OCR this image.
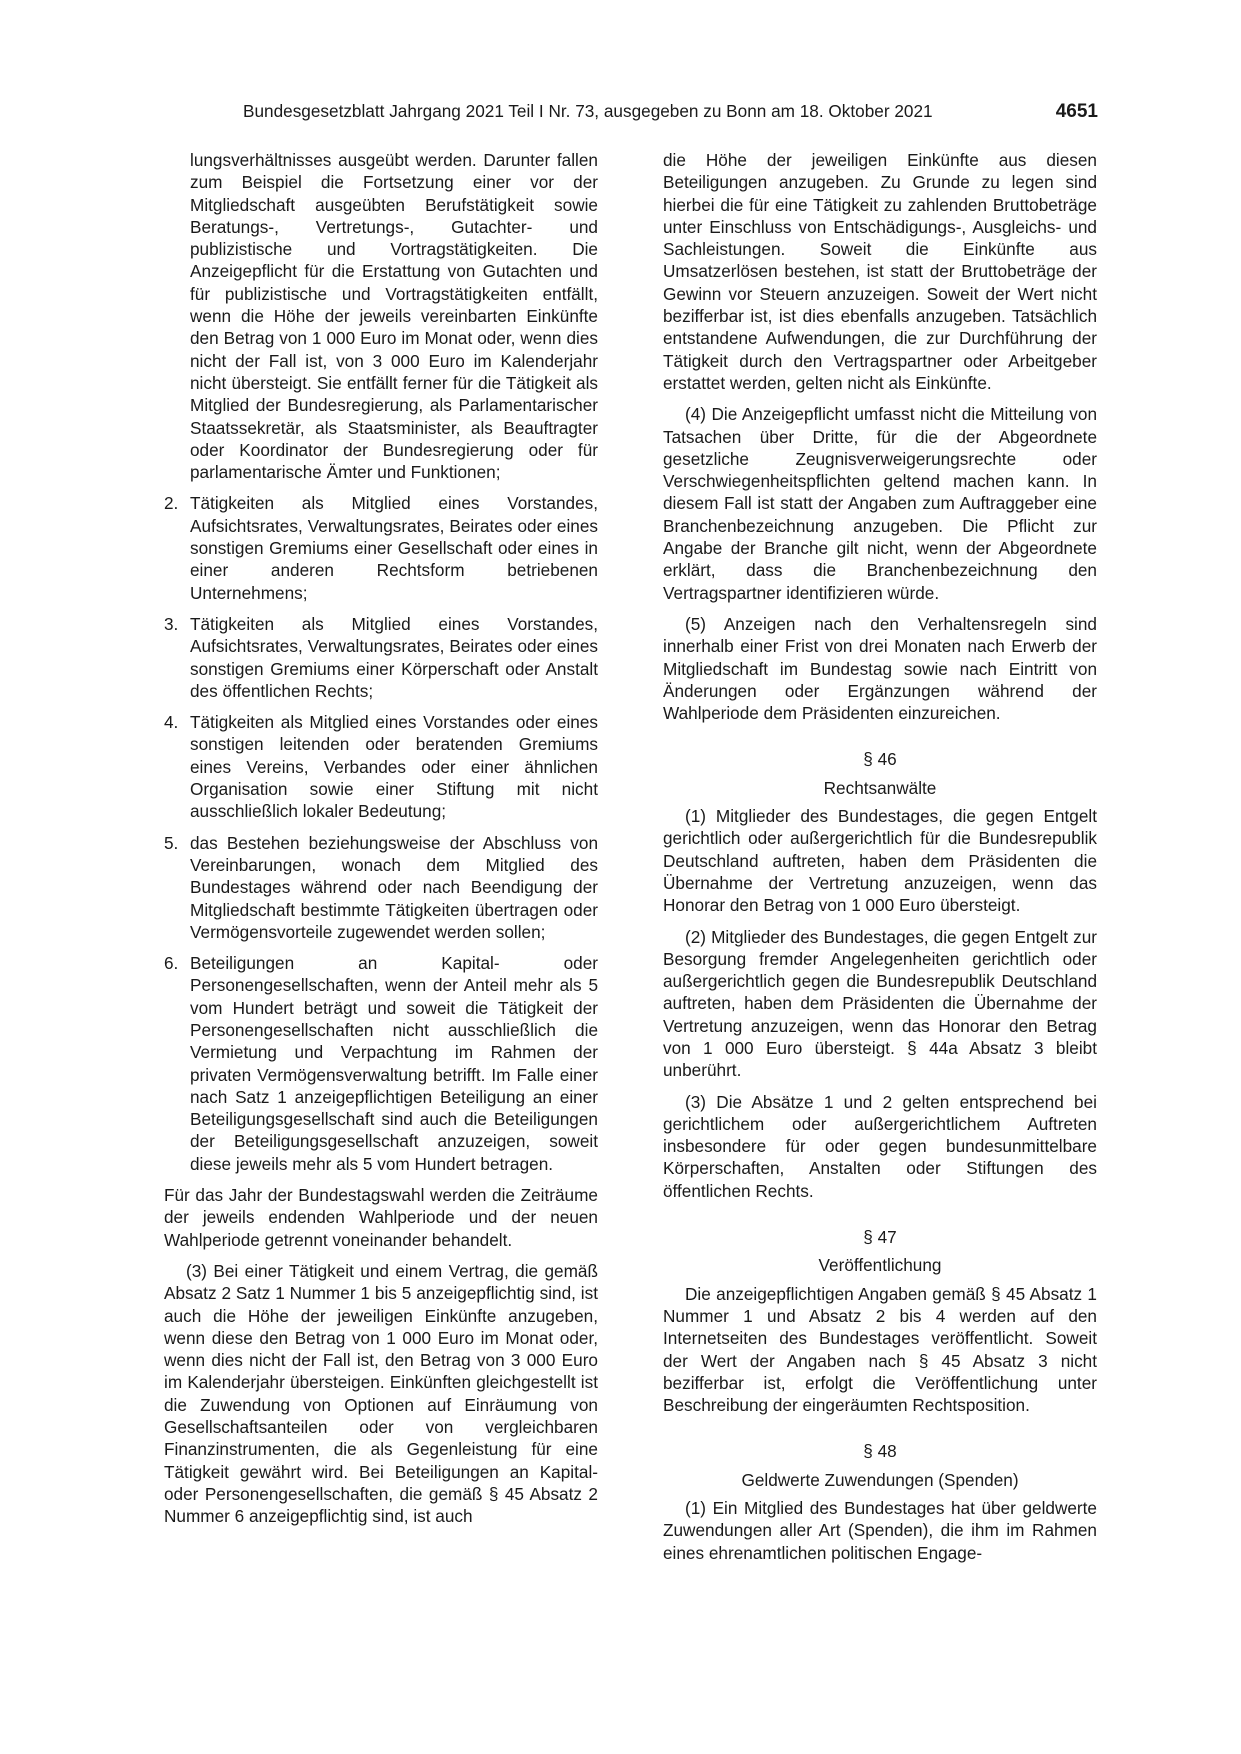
Bundesgesetzblatt Jahrgang 2021 Teil I Nr. 73, ausgegeben zu Bonn am 18. Oktober 2021	4651

lungsverhältnisses ausgeübt werden. Darunter fallen zum Beispiel die Fortsetzung einer vor der Mitgliedschaft ausgeübten Berufstätigkeit sowie Beratungs-, Vertretungs-, Gutachter- und publizistische und Vortragstätigkeiten. Die Anzeigepflicht für die Erstattung von Gutachten und für publizistische und Vortragstätigkeiten entfällt, wenn die Höhe der jeweils vereinbarten Einkünfte den Betrag von 1 000 Euro im Monat oder, wenn dies nicht der Fall ist, von 3 000 Euro im Kalenderjahr nicht übersteigt. Sie entfällt ferner für die Tätigkeit als Mitglied der Bundesregierung, als Parlamentarischer Staatssekretär, als Staatsminister, als Beauftragter oder Koordinator der Bundesregierung oder für parlamentarische Ämter und Funktionen;

2. Tätigkeiten als Mitglied eines Vorstandes, Aufsichtsrates, Verwaltungsrates, Beirates oder eines sonstigen Gremiums einer Gesellschaft oder eines in einer anderen Rechtsform betriebenen Unternehmens;
3. Tätigkeiten als Mitglied eines Vorstandes, Aufsichtsrates, Verwaltungsrates, Beirates oder eines sonstigen Gremiums einer Körperschaft oder Anstalt des öffentlichen Rechts;
4. Tätigkeiten als Mitglied eines Vorstandes oder eines sonstigen leitenden oder beratenden Gremiums eines Vereins, Verbandes oder einer ähnlichen Organisation sowie einer Stiftung mit nicht ausschließlich lokaler Bedeutung;
5. das Bestehen beziehungsweise der Abschluss von Vereinbarungen, wonach dem Mitglied des Bundestages während oder nach Beendigung der Mitgliedschaft bestimmte Tätigkeiten übertragen oder Vermögensvorteile zugewendet werden sollen;
6. Beteiligungen an Kapital- oder Personengesellschaften, wenn der Anteil mehr als 5 vom Hundert beträgt und soweit die Tätigkeit der Personengesellschaften nicht ausschließlich die Vermietung und Verpachtung im Rahmen der privaten Vermögensverwaltung betrifft. Im Falle einer nach Satz 1 anzeigepflichtigen Beteiligung an einer Beteiligungsgesellschaft sind auch die Beteiligungen der Beteiligungsgesellschaft anzuzeigen, soweit diese jeweils mehr als 5 vom Hundert betragen.

Für das Jahr der Bundestagswahl werden die Zeiträume der jeweils endenden Wahlperiode und der neuen Wahlperiode getrennt voneinander behandelt.

(3) Bei einer Tätigkeit und einem Vertrag, die gemäß Absatz 2 Satz 1 Nummer 1 bis 5 anzeigepflichtig sind, ist auch die Höhe der jeweiligen Einkünfte anzugeben, wenn diese den Betrag von 1 000 Euro im Monat oder, wenn dies nicht der Fall ist, den Betrag von 3 000 Euro im Kalenderjahr übersteigen. Einkünften gleichgestellt ist die Zuwendung von Optionen auf Einräumung von Gesellschaftsanteilen oder von vergleichbaren Finanzinstrumenten, die als Gegenleistung für eine Tätigkeit gewährt wird. Bei Beteiligungen an Kapital- oder Personengesellschaften, die gemäß § 45 Absatz 2 Nummer 6 anzeigepflichtig sind, ist auch

die Höhe der jeweiligen Einkünfte aus diesen Beteiligungen anzugeben. Zu Grunde zu legen sind hierbei die für eine Tätigkeit zu zahlenden Bruttobeträge unter Einschluss von Entschädigungs-, Ausgleichs- und Sachleistungen. Soweit die Einkünfte aus Umsatzerlösen bestehen, ist statt der Bruttobeträge der Gewinn vor Steuern anzuzeigen. Soweit der Wert nicht bezifferbar ist, ist dies ebenfalls anzugeben. Tatsächlich entstandene Aufwendungen, die zur Durchführung der Tätigkeit durch den Vertragspartner oder Arbeitgeber erstattet werden, gelten nicht als Einkünfte.

(4) Die Anzeigepflicht umfasst nicht die Mitteilung von Tatsachen über Dritte, für die der Abgeordnete gesetzliche Zeugnisverweigerungsrechte oder Verschwiegenheitspflichten geltend machen kann. In diesem Fall ist statt der Angaben zum Auftraggeber eine Branchenbezeichnung anzugeben. Die Pflicht zur Angabe der Branche gilt nicht, wenn der Abgeordnete erklärt, dass die Branchenbezeichnung den Vertragspartner identifizieren würde.

(5) Anzeigen nach den Verhaltensregeln sind innerhalb einer Frist von drei Monaten nach Erwerb der Mitgliedschaft im Bundestag sowie nach Eintritt von Änderungen oder Ergänzungen während der Wahlperiode dem Präsidenten einzureichen.

§ 46
Rechtsanwälte

(1) Mitglieder des Bundestages, die gegen Entgelt gerichtlich oder außergerichtlich für die Bundesrepublik Deutschland auftreten, haben dem Präsidenten die Übernahme der Vertretung anzuzeigen, wenn das Honorar den Betrag von 1 000 Euro übersteigt.

(2) Mitglieder des Bundestages, die gegen Entgelt zur Besorgung fremder Angelegenheiten gerichtlich oder außergerichtlich gegen die Bundesrepublik Deutschland auftreten, haben dem Präsidenten die Übernahme der Vertretung anzuzeigen, wenn das Honorar den Betrag von 1 000 Euro übersteigt. § 44a Absatz 3 bleibt unberührt.

(3) Die Absätze 1 und 2 gelten entsprechend bei gerichtlichem oder außergerichtlichem Auftreten insbesondere für oder gegen bundesunmittelbare Körperschaften, Anstalten oder Stiftungen des öffentlichen Rechts.

§ 47
Veröffentlichung

Die anzeigepflichtigen Angaben gemäß § 45 Absatz 1 Nummer 1 und Absatz 2 bis 4 werden auf den Internetseiten des Bundestages veröffentlicht. Soweit der Wert der Angaben nach § 45 Absatz 3 nicht bezifferbar ist, erfolgt die Veröffentlichung unter Beschreibung der eingeräumten Rechtsposition.

§ 48
Geldwerte Zuwendungen (Spenden)

(1) Ein Mitglied des Bundestages hat über geldwerte Zuwendungen aller Art (Spenden), die ihm im Rahmen eines ehrenamtlichen politischen Engage-
